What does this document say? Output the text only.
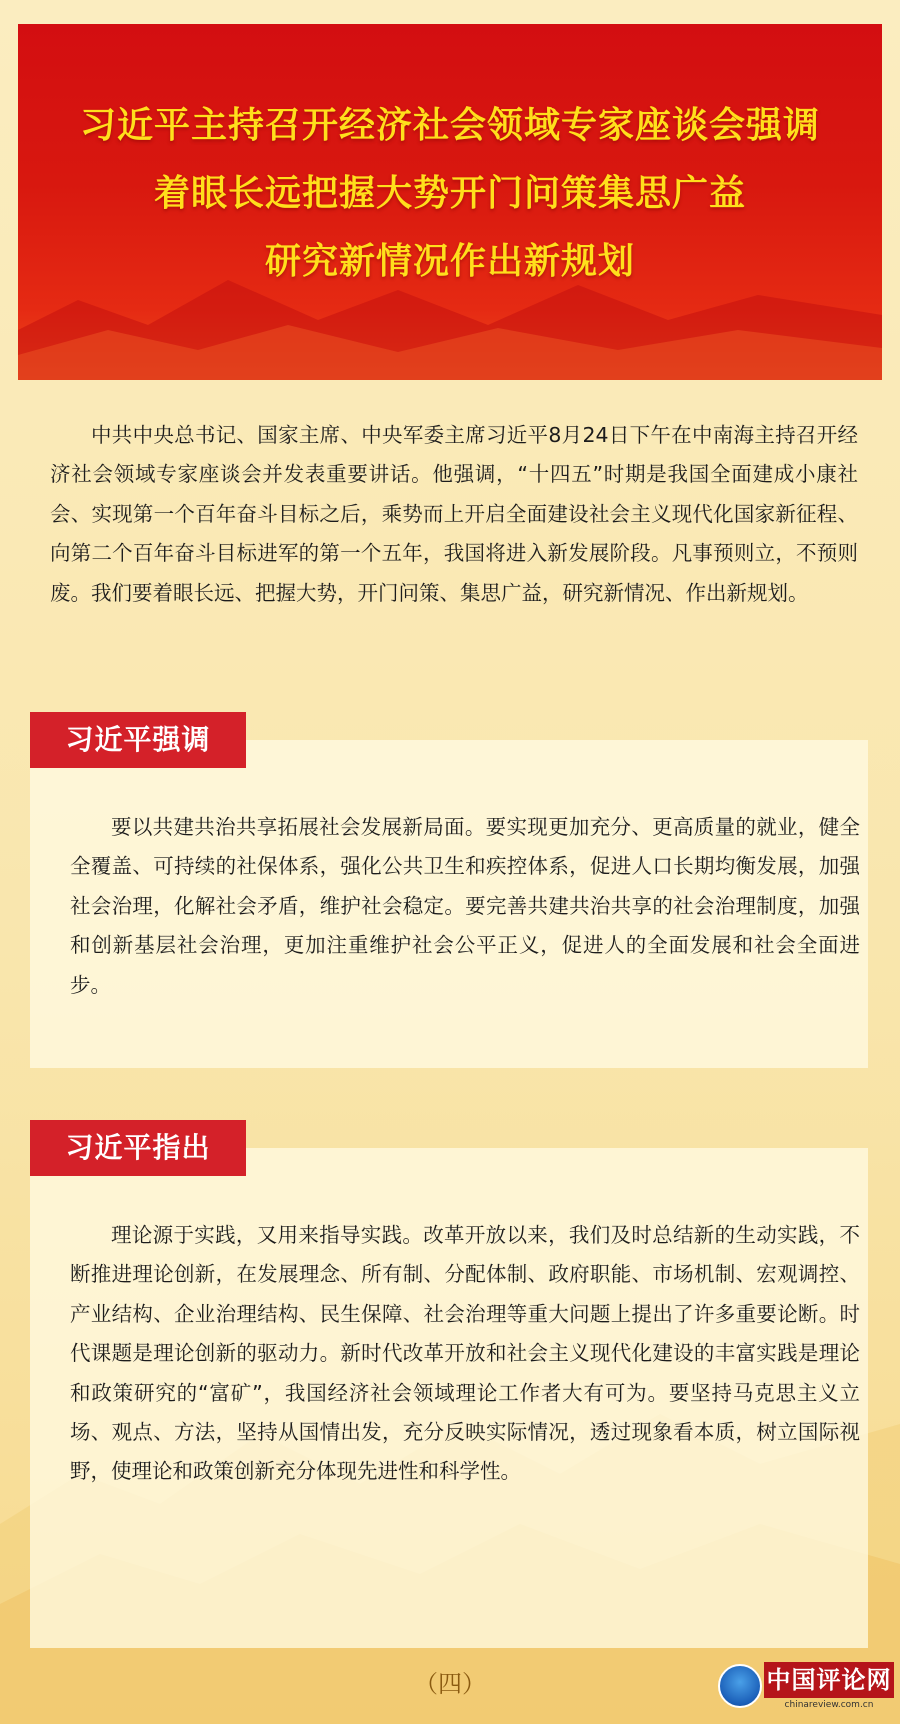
习近平主持召开经济社会领域专家座谈会强调
着眼长远把握大势开门问策集思广益
研究新情况作出新规划

中共中央总书记、国家主席、中央军委主席习近平8月24日下午在中南海主持召开经济社会领域专家座谈会并发表重要讲话。他强调，“十四五”时期是我国全面建成小康社会、实现第一个百年奋斗目标之后，乘势而上开启全面建设社会主义现代化国家新征程、向第二个百年奋斗目标进军的第一个五年，我国将进入新发展阶段。凡事预则立，不预则废。我们要着眼长远、把握大势，开门问策、集思广益，研究新情况、作出新规划。

习近平强调

要以共建共治共享拓展社会发展新局面。要实现更加充分、更高质量的就业，健全全覆盖、可持续的社保体系，强化公共卫生和疾控体系，促进人口长期均衡发展，加强社会治理，化解社会矛盾，维护社会稳定。要完善共建共治共享的社会治理制度，加强和创新基层社会治理，更加注重维护社会公平正义，促进人的全面发展和社会全面进步。

习近平指出

理论源于实践，又用来指导实践。改革开放以来，我们及时总结新的生动实践，不断推进理论创新，在发展理念、所有制、分配体制、政府职能、市场机制、宏观调控、产业结构、企业治理结构、民生保障、社会治理等重大问题上提出了许多重要论断。时代课题是理论创新的驱动力。新时代改革开放和社会主义现代化建设的丰富实践是理论和政策研究的“富矿”，我国经济社会领域理论工作者大有可为。要坚持马克思主义立场、观点、方法，坚持从国情出发，充分反映实际情况，透过现象看本质，树立国际视野，使理论和政策创新充分体现先进性和科学性。

（四）	中国评论网
chinareview.com.cn
